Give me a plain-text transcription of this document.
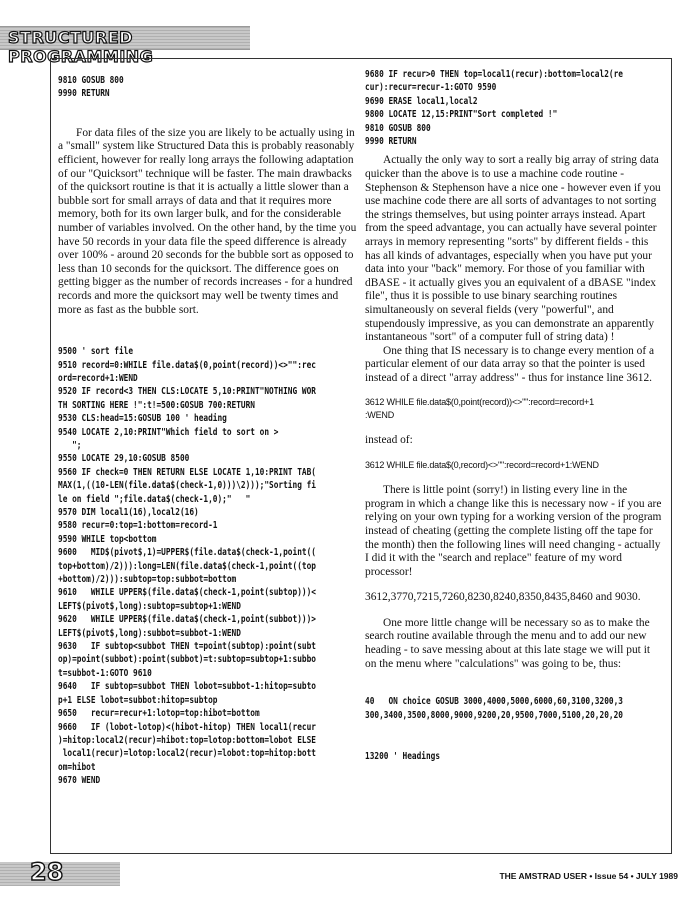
STRUCTURED PROGRAMMING
9810 GOSUB 800
9990 RETURN

For data files of the size you are likely to be actually using in a "small" system like Structured Data this is probably reasonably efficient, however for really long arrays the following adaptation of our "Quicksort" technique will be faster. The main drawbacks of the quicksort routine is that it is actually a little slower than a bubble sort for small arrays of data and that it requires more memory, both for its own larger bulk, and for the considerable number of variables involved. On the other hand, by the time you have 50 records in your data file the speed difference is already over 100% - around 20 seconds for the bubble sort as opposed to less than 10 seconds for the quicksort. The difference goes on getting bigger as the number of records increases - for a hundred records and more the quicksort may well be twenty times and more as fast as the bubble sort.

9500 ' sort file
9510 record=0:WHILE file.data$(0,point(record))<>"":rec
ord=record+1:WEND
9520 IF record<3 THEN CLS:LOCATE 5,10:PRINT"NOTHING WOR
TH SORTING HERE !":t!=500:GOSUB 700:RETURN
9530 CLS:head=15:GOSUB 100 ' heading
9540 LOCATE 2,10:PRINT"Which field to sort on >
";
9550 LOCATE 29,10:GOSUB 8500
9560 IF check=0 THEN RETURN ELSE LOCATE 1,10:PRINT TAB(
MAX(1,((10-LEN(file.data$(check-1,0)))\2)));"Sorting fi
le on field ";file.data$(check-1,0);"   "
9570 DIM local1(16),local2(16)
9580 recur=0:top=1:bottom=record-1
9590 WHILE top<bottom
9600   MID$(pivot$,1)=UPPER$(file.data$(check-1,point((
top+bottom)/2))):long=LEN(file.data$(check-1,point((top
+bottom)/2))):subtop=top:subbot=bottom
9610   WHILE UPPER$(file.data$(check-1,point(subtop)))<
LEFT$(pivot$,long):subtop=subtop+1:WEND
9620   WHILE UPPER$(file.data$(check-1,point(subbot)))>
LEFT$(pivot$,long):subbot=subbot-1:WEND
9630   IF subtop<subbot THEN t=point(subtop):point(subt
op)=point(subbot):point(subbot)=t:subtop=subtop+1:subbo
t=subbot-1:GOTO 9610
9640   IF subtop=subbot THEN lobot=subbot-1:hitop=subto
p+1 ELSE lobot=subbot:hitop=subtop
9650   recur=recur+1:lotop=top:hibot=bottom
9660   IF (lobot-lotop)<(hibot-hitop) THEN local1(recur
)=hitop:local2(recur)=hibot:top=lotop:bottom=lobot ELSE
local1(recur)=lotop:local2(recur)=lobot:top=hitop:bott
om=hibot
9670 WEND
9680 IF recur>0 THEN top=local1(recur):bottom=local2(re
cur):recur=recur-1:GOTO 9590
9690 ERASE local1,local2
9800 LOCATE 12,15:PRINT"Sort completed !"
9810 GOSUB 800
9990 RETURN

Actually the only way to sort a really big array of string data quicker than the above is to use a machine code routine - Stephenson & Stephenson have a nice one - however even if you use machine code there are all sorts of advantages to not sorting the strings themselves, but using pointer arrays instead. Apart from the speed advantage, you can actually have several pointer arrays in memory representing "sorts" by different fields - this has all kinds of advantages, especially when you have put your data into your "back" memory. For those of you familiar with dBASE - it actually gives you an equivalent of a dBASE "index file", thus it is possible to use binary searching routines simultaneously on several fields (very "powerful", and stupendously impressive, as you can demonstrate an apparently instantaneous "sort" of a computer full of string data) !

One thing that IS necessary is to change every mention of a particular element of our data array so that the pointer is used instead of a direct "array address" - thus for instance line 3612.

3612 WHILE file.data$(0,point(record))<>"":record=record+1
:WEND

instead of:

3612 WHILE file.data$(0,record)<>"":record=record+1:WEND

There is little point (sorry!) in listing every line in the program in which a change like this is necessary now - if you are relying on your own typing for a working version of the program instead of cheating (getting the complete listing off the tape for the month) then the following lines will need changing - actually I did it with the "search and replace" feature of my word processor!

3612,3770,7215,7260,8230,8240,8350,8435,8460 and 9030.

One more little change will be necessary so as to make the search routine available through the menu and to add our new heading - to save messing about at this late stage we will put it on the menu where "calculations" was going to be, thus:

40   ON choice GOSUB 3000,4000,5000,6000,60,3100,3200,3
300,3400,3500,8000,9000,9200,20,9500,7000,5100,20,20,20
13200 ' Headings
28	THE AMSTRAD USER • Issue 54 • JULY 1989
